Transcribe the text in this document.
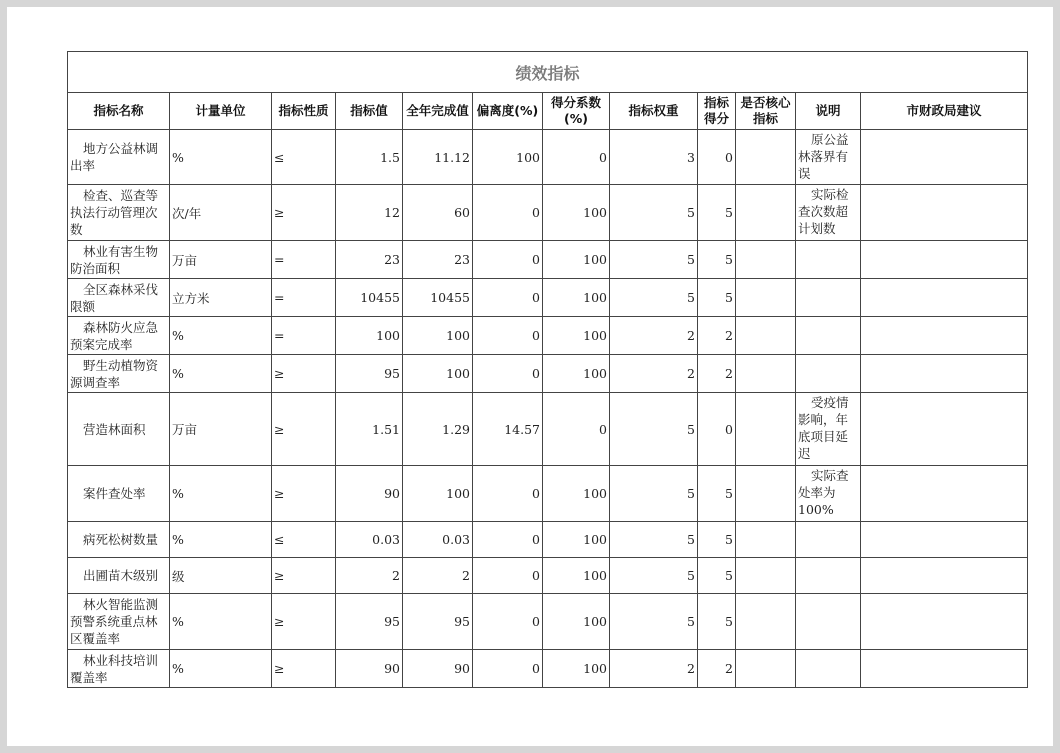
绩效指标											
指标名称	计量单位	指标性质	指标值	全年完成值	偏离度(%)	得分系数(%)	指标权重	指标得分	是否核心指标	说明	市财政局建议
地方公益林调出率	%	≤	1.5	11.12	100	0	3	0		原公益林落界有误	
检查、巡查等执法行动管理次数	次/年	≥	12	60	0	100	5	5		实际检查次数超计划数	
林业有害生物防治面积	万亩	=	23	23	0	100	5	5			
全区森林采伐限额	立方米	=	10455	10455	0	100	5	5			
森林防火应急预案完成率	%	=	100	100	0	100	2	2			
野生动植物资源调查率	%	≥	95	100	0	100	2	2			
营造林面积	万亩	≥	1.51	1.29	14.57	0	5	0		受疫情影响，年底项目延迟	
案件查处率	%	≥	90	100	0	100	5	5		实际查处率为100%	
病死松树数量	%	≤	0.03	0.03	0	100	5	5			
出圃苗木级别	级	≥	2	2	0	100	5	5			
林火智能监测预警系统重点林区覆盖率	%	≥	95	95	0	100	5	5			
林业科技培训覆盖率	%	≥	90	90	0	100	2	2			
